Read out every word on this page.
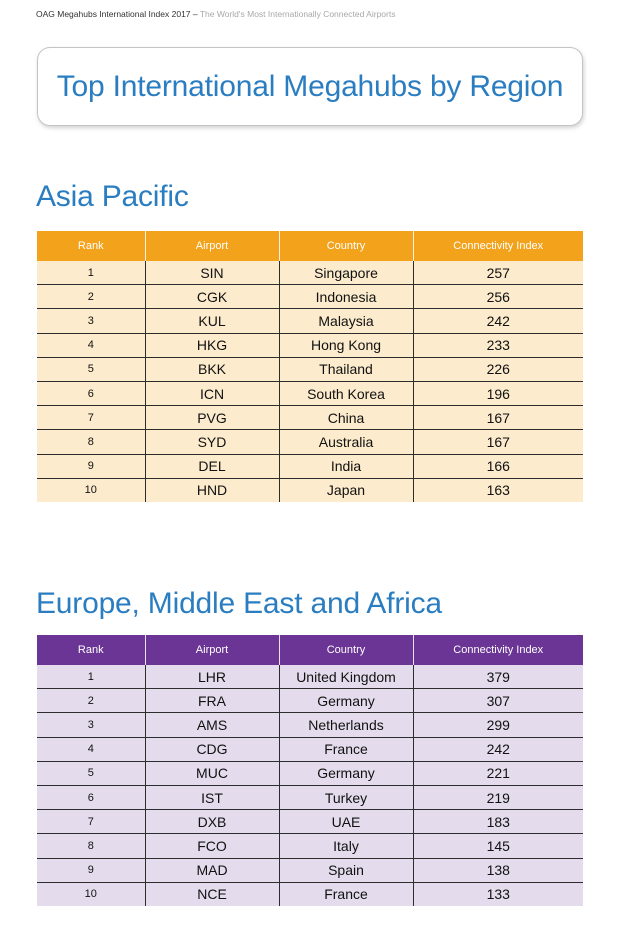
OAG Megahubs International Index 2017 – The World's Most Internationally Connected Airports
Top International Megahubs by Region
Asia Pacific
Rank	Airport	Country	Connectivity Index
1	SIN	Singapore	257
2	CGK	Indonesia	256
3	KUL	Malaysia	242
4	HKG	Hong Kong	233
5	BKK	Thailand	226
6	ICN	South Korea	196
7	PVG	China	167
8	SYD	Australia	167
9	DEL	India	166
10	HND	Japan	163
Europe, Middle East and Africa
Rank	Airport	Country	Connectivity Index
1	LHR	United Kingdom	379
2	FRA	Germany	307
3	AMS	Netherlands	299
4	CDG	France	242
5	MUC	Germany	221
6	IST	Turkey	219
7	DXB	UAE	183
8	FCO	Italy	145
9	MAD	Spain	138
10	NCE	France	133
